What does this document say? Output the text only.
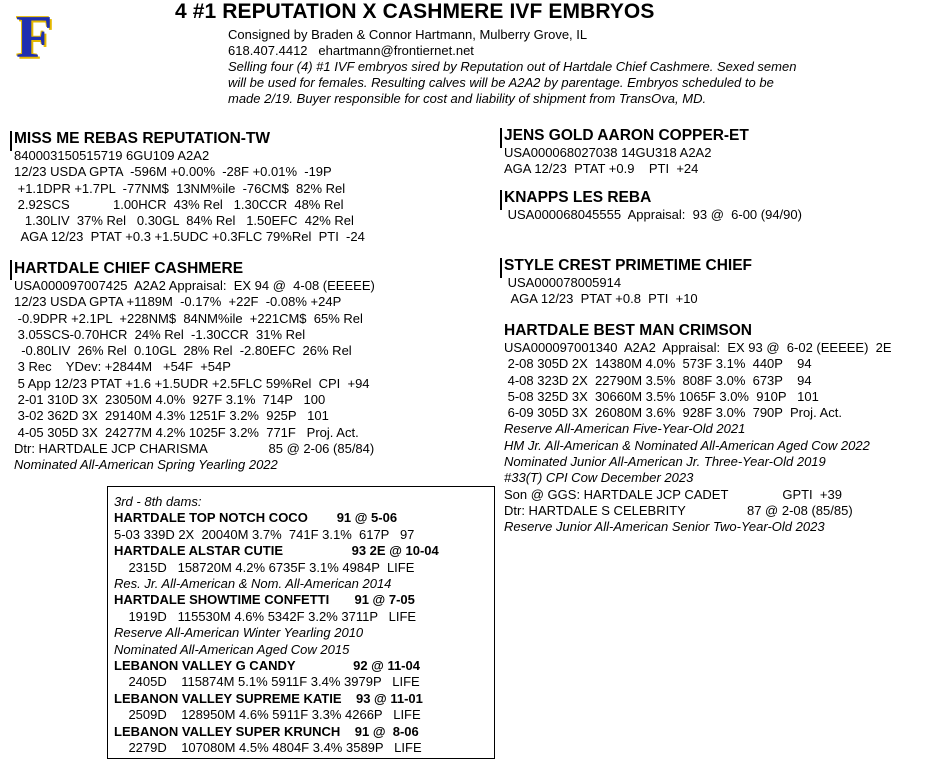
F	4 #1 REPUTATION X CASHMERE IVF EMBRYOS
Consigned by Braden & Connor Hartmann, Mulberry Grove, IL
618.407.4412   ehartmann@frontiernet.net
Selling four (4) #1 IVF embryos sired by Reputation out of Hartdale Chief Cashmere. Sexed semen
will be used for females. Resulting calves will be A2A2 by parentage. Embryos scheduled to be
made 2/19. Buyer responsible for cost and liability of shipment from TransOva, MD.
MISS ME REBAS REPUTATION-TW
840003150515719 6GU109 A2A2
12/23 USDA GPTA  -596M +0.00%  -28F +0.01%  -19P
+1.1DPR +1.7PL  -77NM$  13NM%ile  -76CM$  82% Rel
2.92SCS            1.00HCR  43% Rel   1.30CCR  48% Rel
1.30LIV  37% Rel   0.30GL  84% Rel   1.50EFC  42% Rel
AGA 12/23  PTAT +0.3 +1.5UDC +0.3FLC 79%Rel  PTI  -24
HARTDALE CHIEF CASHMERE
USA000097007425  A2A2 Appraisal:  EX 94 @  4-08 (EEEEE)
12/23 USDA GPTA +1189M  -0.17%  +22F  -0.08% +24P
-0.9DPR +2.1PL  +228NM$  84NM%ile  +221CM$  65% Rel
3.05SCS-0.70HCR  24% Rel  -1.30CCR  31% Rel
-0.80LIV  26% Rel  0.10GL  28% Rel  -2.80EFC  26% Rel
3 Rec    YDev: +2844M   +54F  +54P
5 App 12/23 PTAT +1.6 +1.5UDR +2.5FLC 59%Rel  CPI  +94
2-01 310D 3X  23050M 4.0%  927F 3.1%  714P   100
3-02 362D 3X  29140M 4.3% 1251F 3.2%  925P   101
4-05 305D 3X  24277M 4.2% 1025F 3.2%  771F   Proj. Act.
Dtr: HARTDALE JCP CHARISMA                 85 @ 2-06 (85/84)
Nominated All-American Spring Yearling 2022
3rd - 8th dams:
HARTDALE TOP NOTCH COCO        91 @ 5-06
5-03 339D 2X  20040M 3.7%  741F 3.1%  617P   97
HARTDALE ALSTAR CUTIE                   93 2E @ 10-04
2315D   158720M 4.2% 6735F 3.1% 4984P  LIFE
Res. Jr. All-American & Nom. All-American 2014
HARTDALE SHOWTIME CONFETTI       91 @ 7-05
1919D   115530M 4.6% 5342F 3.2% 3711P   LIFE
Reserve All-American Winter Yearling 2010
Nominated All-American Aged Cow 2015
LEBANON VALLEY G CANDY                92 @ 11-04
2405D    115874M 5.1% 5911F 3.4% 3979P   LIFE
LEBANON VALLEY SUPREME KATIE    93 @ 11-01
2509D    128950M 4.6% 5911F 3.3% 4266P   LIFE
LEBANON VALLEY SUPER KRUNCH    91 @  8-06
2279D    107080M 4.5% 4804F 3.4% 3589P   LIFE
JENS GOLD AARON COPPER-ET
USA000068027038 14GU318 A2A2
AGA 12/23  PTAT +0.9    PTI  +24
KNAPPS LES REBA
USA000068045555  Appraisal:  93 @  6-00 (94/90)
STYLE CREST PRIMETIME CHIEF
USA000078005914
AGA 12/23  PTAT +0.8  PTI  +10
HARTDALE BEST MAN CRIMSON
USA000097001340  A2A2  Appraisal:  EX 93 @  6-02 (EEEEE)  2E
2-08 305D 2X  14380M 4.0%  573F 3.1%  440P    94
4-08 323D 2X  22790M 3.5%  808F 3.0%  673P    94
5-08 325D 3X  30660M 3.5% 1065F 3.0%  910P   101
6-09 305D 3X  26080M 3.6%  928F 3.0%  790P  Proj. Act.
Reserve All-American Five-Year-Old 2021
HM Jr. All-American & Nominated All-American Aged Cow 2022
Nominated Junior All-American Jr. Three-Year-Old 2019
#33(T) CPI Cow December 2023
Son @ GGS: HARTDALE JCP CADET               GPTI  +39
Dtr: HARTDALE S CELEBRITY                 87 @ 2-08 (85/85)
Reserve Junior All-American Senior Two-Year-Old 2023
